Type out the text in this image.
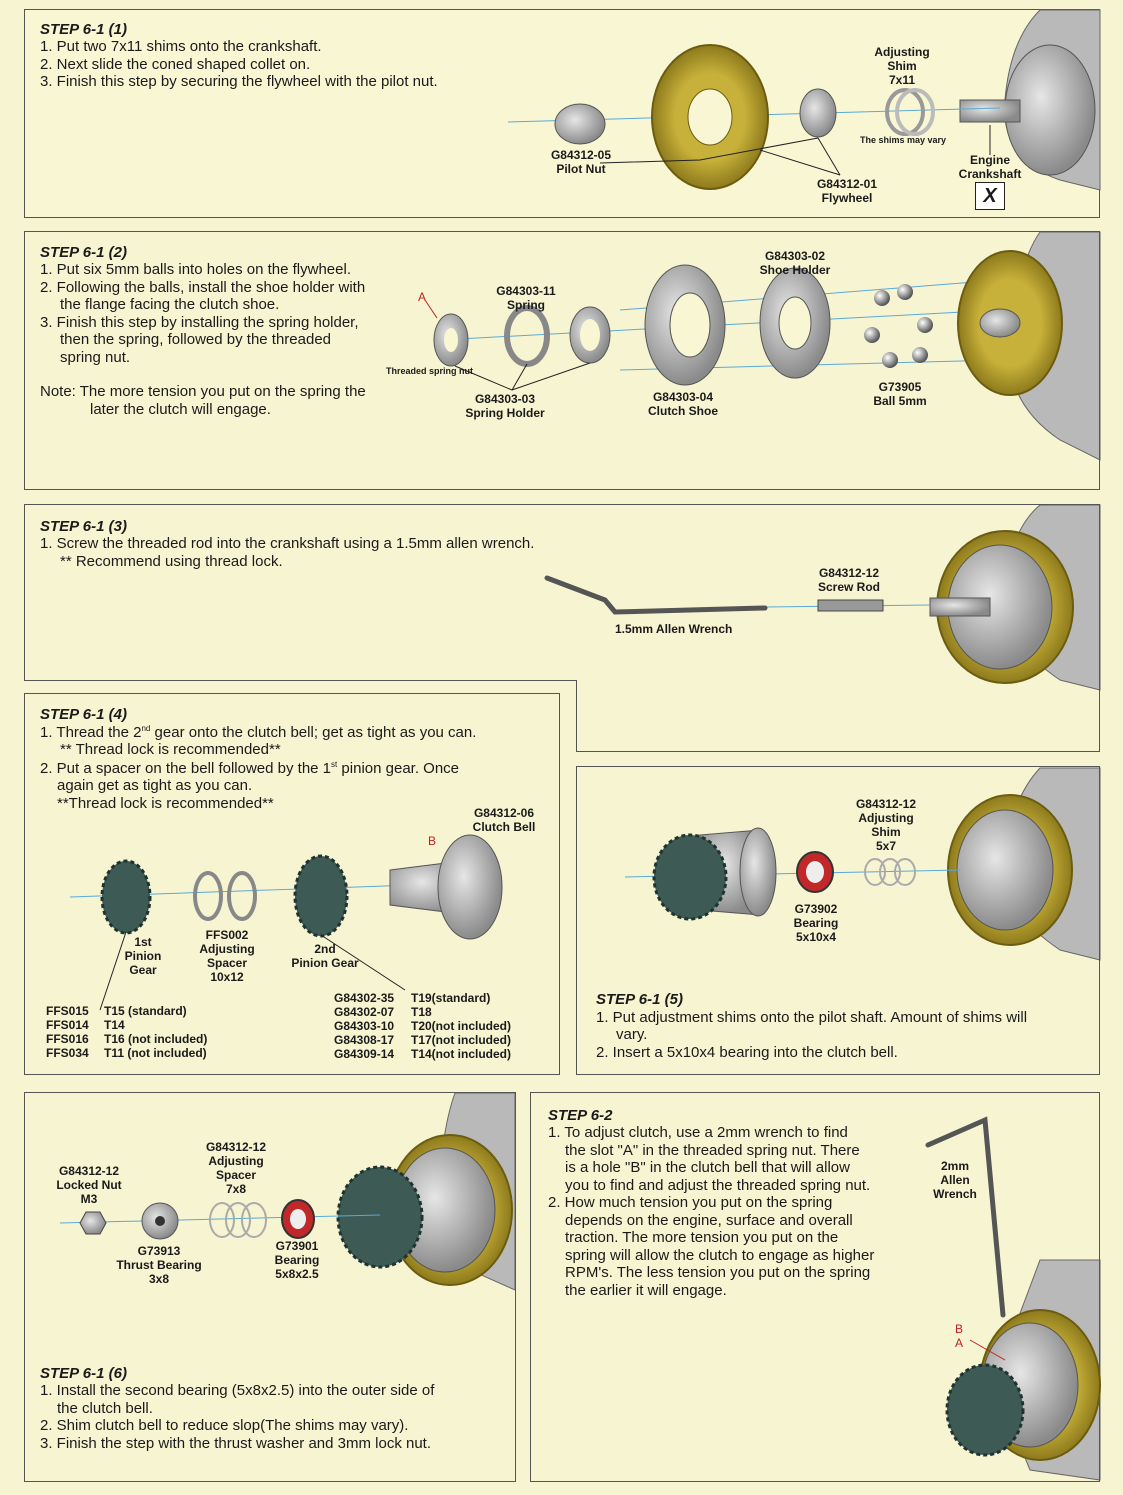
STEP 6-1 (1)
1. Put two 7x11 shims onto the crankshaft.
2. Next slide the coned shaped collet on.
3. Finish this step by securing the flywheel with the pilot nut.
G84312-05
Pilot Nut
G84312-01
Flywheel
Adjusting
Shim
7x11
The shims may vary
Engine
Crankshaft
X
STEP 6-1 (2)
1. Put six 5mm balls into holes on the flywheel.
2. Following the balls, install the shoe holder with
the flange facing the clutch shoe.
3. Finish this step by installing the spring holder,
then the spring, followed by the threaded
spring nut.
Note: The more tension you put on the spring the
later the clutch will engage.
A
Threaded spring nut
G84303-11
Spring
G84303-03
Spring Holder
G84303-04
Clutch Shoe
G84303-02
Shoe Holder
G73905
Ball 5mm
STEP 6-1 (3)
1. Screw the threaded rod into the crankshaft using a 1.5mm allen wrench.
** Recommend using thread lock.
G84312-12
Screw Rod
1.5mm Allen Wrench
STEP 6-1 (4)
1. Thread the 2nd gear onto the clutch bell; get as tight as you can.
** Thread lock is recommended**
2. Put a spacer on the bell followed by the 1st pinion gear. Once
again get as tight as you can.
**Thread lock is recommended**
G84312-06
Clutch Bell
B
1st
Pinion
Gear
FFS002
Adjusting
Spacer
10x12
2nd
Pinion Gear
FFS015	T15 (standard)
FFS014	T14
FFS016	T16 (not included)
FFS034	T11 (not included)
G84302-35	T19(standard)
G84302-07	T18
G84303-10	T20(not included)
G84308-17	T17(not included)
G84309-14	T14(not included)
G84312-12
Adjusting
Shim
5x7
G73902
Bearing
5x10x4
STEP 6-1 (5)
1. Put adjustment shims onto the pilot shaft. Amount of shims will
vary.
2. Insert a 5x10x4 bearing into the clutch bell.
G84312-12
Locked Nut
M3
G73913
Thrust Bearing
3x8
G84312-12
Adjusting
Spacer
7x8
G73901
Bearing
5x8x2.5
STEP 6-1 (6)
1. Install the second bearing (5x8x2.5) into the outer side of
the clutch bell.
2. Shim clutch bell to reduce slop(The shims may vary).
3. Finish the step with the thrust washer and 3mm lock nut.
STEP 6-2
1. To adjust clutch, use a 2mm wrench to find
the slot "A" in the threaded spring nut. There
is a hole "B" in the clutch bell that will allow
you to find and adjust the threaded spring nut.
2. How much tension you put on the spring
depends on the engine, surface and overall
traction. The more tension you put on the
spring will allow the clutch to engage as higher
RPM's. The less tension you put on the spring
the earlier it will engage.
2mm
Allen
Wrench
B
A
